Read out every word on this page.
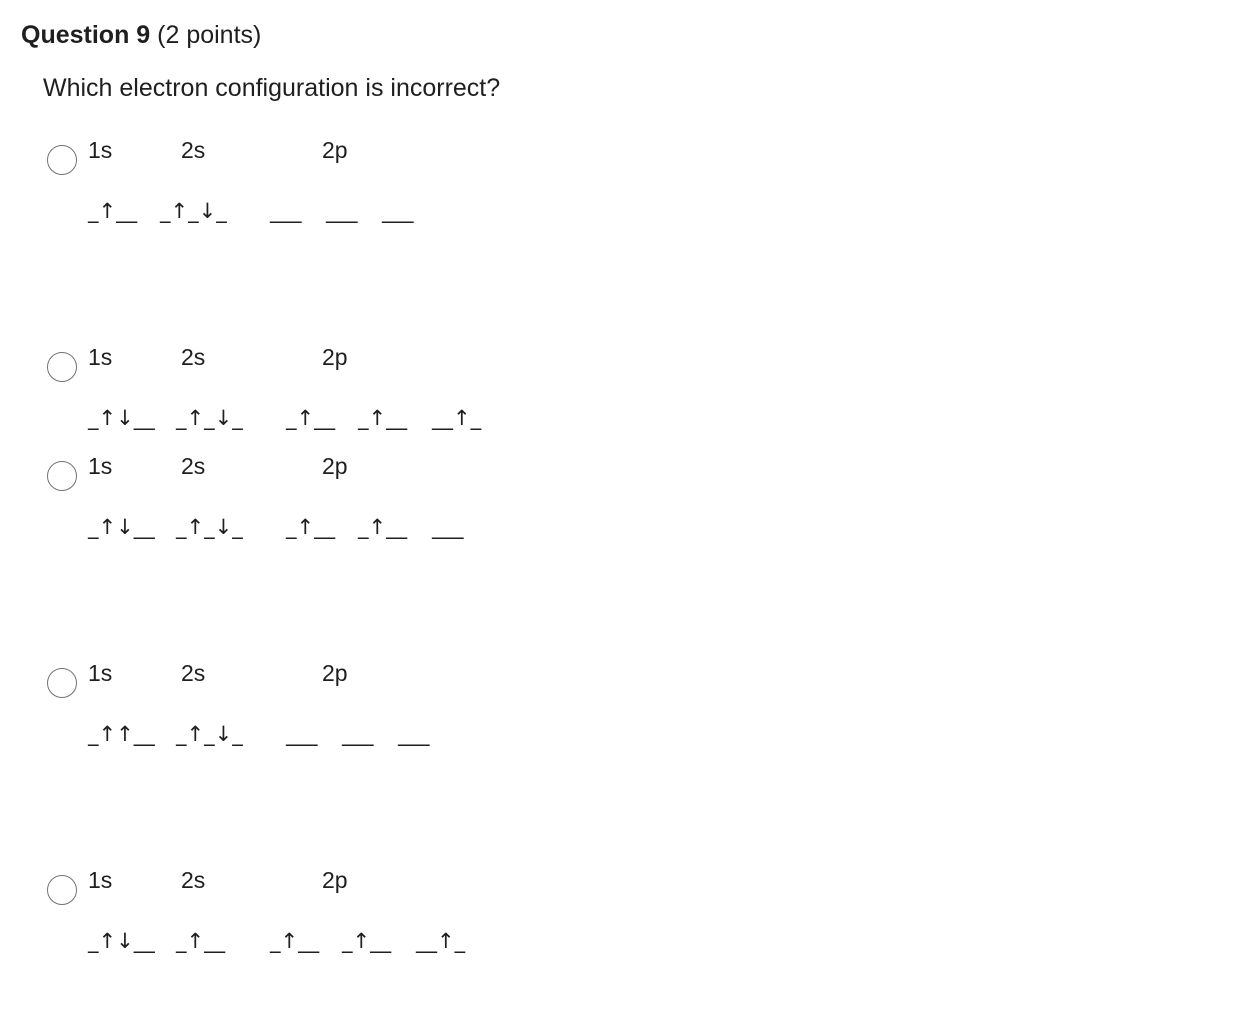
Question 9 (2 points)
Which electron configuration is incorrect?
1s	2s	2p
_↑__ _↑_↓_ ___ ___ ___
1s	2s	2p
_↑↓__ _↑_↓_ _↑__ _↑__ __↑_
1s	2s	2p
_↑↓__ _↑_↓_ _↑__ _↑__ ___
1s	2s	2p
_↑↑__ _↑_↓_ ___ ___ ___
1s	2s	2p
_↑↓__ _↑__ _↑__ _↑__ __↑_
